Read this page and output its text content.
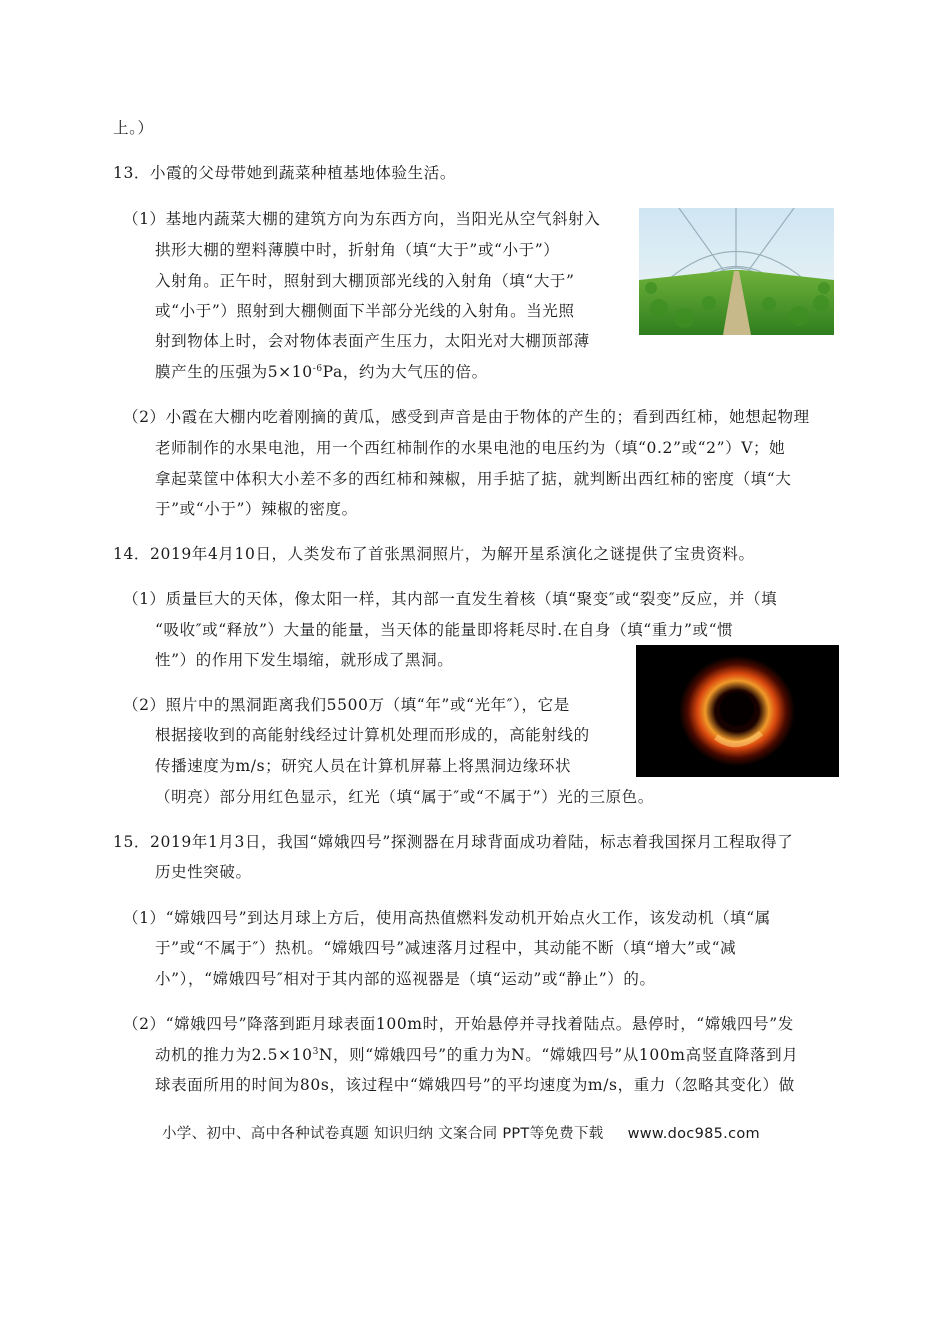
上。）
13．小霞的父母带她到蔬菜种植基地体验生活。
（1）基地内蔬菜大棚的建筑方向为东西方向，当阳光从空气斜射入
拱形大棚的塑料薄膜中时，折射角（填“大于”或“小于”）
入射角。正午时，照射到大棚顶部光线的入射角（填“大于”
或“小于”）照射到大棚侧面下半部分光线的入射角。当光照
射到物体上时，会对物体表面产生压力，太阳光对大棚顶部薄
膜产生的压强为$5\times 10^{-6}Pa$，约为大气压的倍。
（2）小霞在大棚内吃着刚摘的黄瓜，感受到声音是由于物体的产生的；看到西红柿，她想起物理
老师制作的水果电池，用一个西红柿制作的水果电池的电压约为（填“0.2”或“2”）V；她
拿起菜筐中体积大小差不多的西红柿和辣椒，用手掂了掂，就判断出西红柿的密度（填“大
于”或“小于”）辣椒的密度。
14．2019年4月10日，人类发布了首张黑洞照片，为解开星系演化之谜提供了宝贵资料。
（1）质量巨大的天体，像太阳一样，其内部一直发生着核（填“聚变″或“裂变”反应，并（填
“吸收″或“释放”）大量的能量，当天体的能量即将耗尽时.在自身（填“重力”或“惯
性”）的作用下发生塌缩，就形成了黑洞。
（2）照片中的黑洞距离我们5500万（填“年”或“光年″），它是
根据接收到的高能射线经过计算机处理而形成的，高能射线的
传播速度为m/s；研究人员在计算机屏幕上将黑洞边缘环状
（明亮）部分用红色显示，红光（填“属于″或“不属于”）光的三原色。
15．2019年1月3日，我国“嫦娥四号”探测器在月球背面成功着陆，标志着我国探月工程取得了
历史性突破。
（1）“嫦娥四号”到达月球上方后，使用高热值燃料发动机开始点火工作，该发动机（填“属
于”或“不属于″）热机。“嫦娥四号”减速落月过程中，其动能不断（填“增大”或“减
小”），“嫦娥四号″相对于其内部的巡视器是（填“运动”或“静止”）的。
（2）“嫦娥四号”降落到距月球表面100m时，开始悬停并寻找着陆点。悬停时，“嫦娥四号”发
动机的推力为$2.5\times 10^3N$，则“嫦娥四号”的重力为N。“嫦娥四号”从100m高竖直降落到月
球表面所用的时间为80s，该过程中“嫦娥四号”的平均速度为m/s，重力（忽略其变化）做
小学、初中、高中各种试卷真题 知识归纳 文案合同 PPT等免费下载 www.doc985.com
